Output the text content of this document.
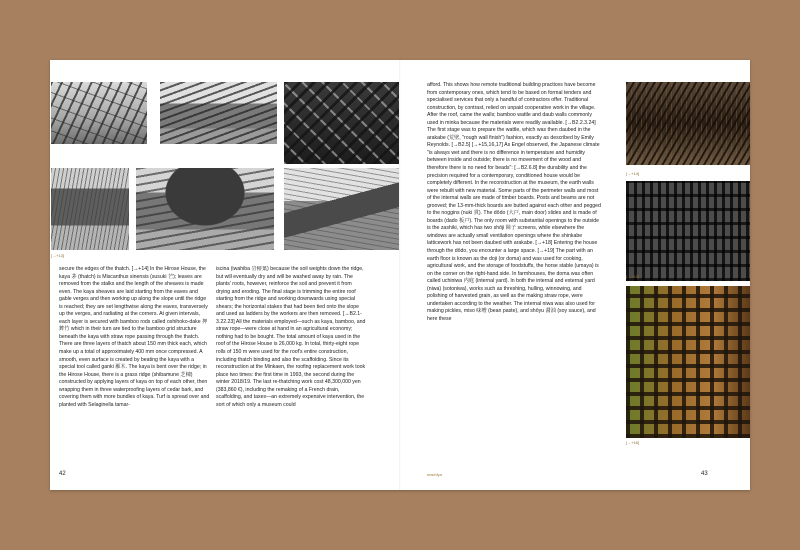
[→+13]

secure the edges of the thatch. [→+14] In the Hirose House, the kaya 茅 (thatch) is Miscanthus sinensis (susuki 芒); leaves are removed from the stalks and the length of the sheaves is made even. The kaya sheaves are laid starting from the eaves and gable verges and then working up along the slope until the ridge is reached; they are set lengthwise along the eaves, transversely up the verges, and radiating at the corners. At given intervals, each layer is secured with bamboo rods called oshihoko-dake 押鉾竹 which in their turn are tied to the bamboo grid structure beneath the kaya with straw rope passing through the thatch. There are three layers of thatch about 150 mm thick each, which make up a total of approximately 400 mm once compressed. A smooth, even surface is created by beating the kaya with a special tool called ganki 雁木. The kaya is bent over the ridge; in the Hirose House, there is a grass ridge (shibamune 芝棟) constructed by applying layers of kaya on top of each other, then wrapping them in three waterproofing layers of cedar bark, and covering them with more bundles of kaya. Turf is spread over and planted with Selaginella tamar-

iscina (iwahiba 岩檜葉) because the soil weights down the ridge, but will eventually dry and will be washed away by rain. The plants' roots, however, reinforce the soil and prevent it from drying and eroding. The final stage is trimming the entire roof starting from the ridge and working downwards using special shears; the horizontal stakes that had been tied onto the slope and used as ladders by the workers are then removed. [→B2.1-3.22.23] All the materials employed—such as kaya, bamboo, and straw rope—were close at hand in an agricultural economy; nothing had to be bought. The total amount of kaya used in the roof of the Hirose House is 26,000 kg. In total, thirty-eight rope rolls of 150 m were used for the roof's entire construction, including thatch binding and also the scaffolding. Since its reconstruction at the Minkaen, the roofing replacement work took place two times: the first time in 1993, the second during the winter 2018/19. The last re-thatching work cost 48,300,000 yen (383,860 €), including the remaking of a French drain, scaffolding, and taxes—an extremely expensive intervention, the sort of which only a museum could

42

afford. This shows how remote traditional building practices have become from contemporary ones, which tend to be based on formal tenders and specialised services that only a handful of contractors offer. Traditional construction, by contrast, relied on unpaid cooperative work in the village. After the roof, came the walls; bamboo wattle and daub walls commonly used in minka because the materials were readily available. [→B2.2.3.24] The first stage was to prepare the wattle, which was then daubed in the arakabe (荒壁, "rough wall finish") fashion, exactly as described by Emily Reynolds. [→B2.5] [→+15,16,17] As Engel observed, the Japanese climate "is always wet and there is no difference in temperature and humidity between inside and outside; there is no movement of the wood and therefore there is no need for beads": [→B2.6.8] the durability and the precision required for a contemporary, conditioned house would be completely different. In the reconstruction at the museum, the earth walls were rebuilt with new material. Some parts of the perimeter walls and most of the internal walls are made of timber boards. Posts and beams are not grooved; the 13-mm-thick boards are butted against each other and pegged to the noggins (nuki 貫). The dōdo (大戸, main door) slides and is made of boards (dado 板戸). The only room with substantial openings to the outside is the zashiki, which has two shōji 障子 screens, while elsewhere the windows are actually small ventilation openings where the shinkabe latticework has not been daubed with arakabe. [→+18] Entering the house through the dōdo, you encounter a large space. [→+19] The part with an earth floor is known as the doji (or doma) and was used for cooking, agricultural work, and the storage of foodstuffs, the horse stable (umaya) is on the corner on the right-hand side. In farmhouses, the doma was often called uchiniwa 内庭 (internal yard). In both the internal and external yard (niwa) (sotoniwa), works such as threshing, hulling, winnowing, and polishing of harvested grain, as well as the making straw rope, were undertaken according to the weather. The internal niwa was also used for making pickles, miso 味噌 (bean paste), and shōyu 醤油 (soy sauce), and here these

[→+14]
[→+15]
[→+16]
machiya	43
